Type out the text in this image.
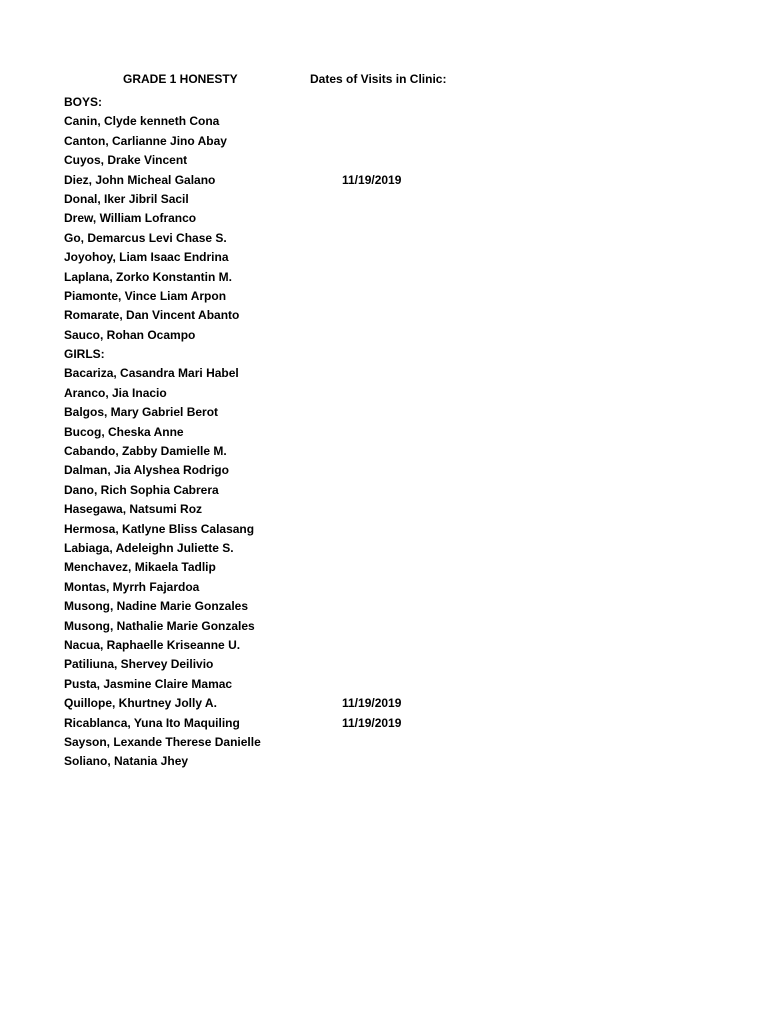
GRADE 1 HONESTY	Dates of Visits in Clinic:
BOYS:
Canin, Clyde kenneth Cona
Canton, Carlianne Jino Abay
Cuyos, Drake Vincent
Diez, John Micheal Galano	11/19/2019
Donal, Iker Jibril Sacil
Drew, William Lofranco
Go, Demarcus Levi Chase S.
Joyohoy, Liam Isaac Endrina
Laplana, Zorko Konstantin M.
Piamonte, Vince Liam Arpon
Romarate, Dan Vincent Abanto
Sauco, Rohan Ocampo
GIRLS:
Bacariza, Casandra Mari Habel
Aranco, Jia Inacio
Balgos, Mary Gabriel Berot
Bucog, Cheska Anne
Cabando, Zabby Damielle M.
Dalman, Jia Alyshea Rodrigo
Dano, Rich Sophia Cabrera
Hasegawa, Natsumi Roz
Hermosa, Katlyne Bliss Calasang
Labiaga, Adeleighn Juliette S.
Menchavez, Mikaela Tadlip
Montas, Myrrh Fajardoa
Musong, Nadine Marie Gonzales
Musong, Nathalie Marie Gonzales
Nacua, Raphaelle Kriseanne U.
Patiliuna, Shervey Deilivio
Pusta, Jasmine Claire Mamac
Quillope, Khurtney Jolly A.	11/19/2019
Ricablanca, Yuna Ito Maquiling	11/19/2019
Sayson, Lexande Therese Danielle
Soliano, Natania Jhey
